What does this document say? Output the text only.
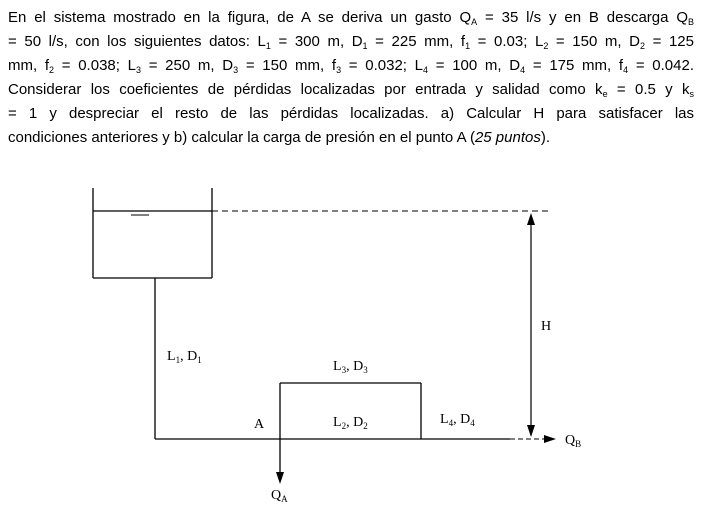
En el sistema mostrado en la figura, de A se deriva un gasto $Q_A = 35$ l/s y en B descarga $Q_B$
= 50 l/s, con los siguientes datos: $L_1 = 300$ m, $D_1 = 225$ mm, $f_1 = 0.03$; $L_2 = 150$ m, $D_2 = 125$
mm, $f_2 = 0.038$; $L_3 = 250$ m, $D_3 = 150$ mm, $f_3 = 0.032$; $L_4 = 100$ m, $D_4 = 175$ mm, $f_4 = 0.042$.
Considerar los coeficientes de pérdidas localizadas por entrada y salidad como $k_e = 0.5$ y $k_s$
= 1 y despreciar el resto de las pérdidas localizadas. a) Calcular H para satisfacer las
condiciones anteriores y b) calcular la carga de presión en el punto A (25 puntos).
$L_1$, $D_1$	$L_3$, $D_3$
$L_2$, $D_2$	$L_4$, $D_4$
A
H
$Q_A$
$Q_B$
